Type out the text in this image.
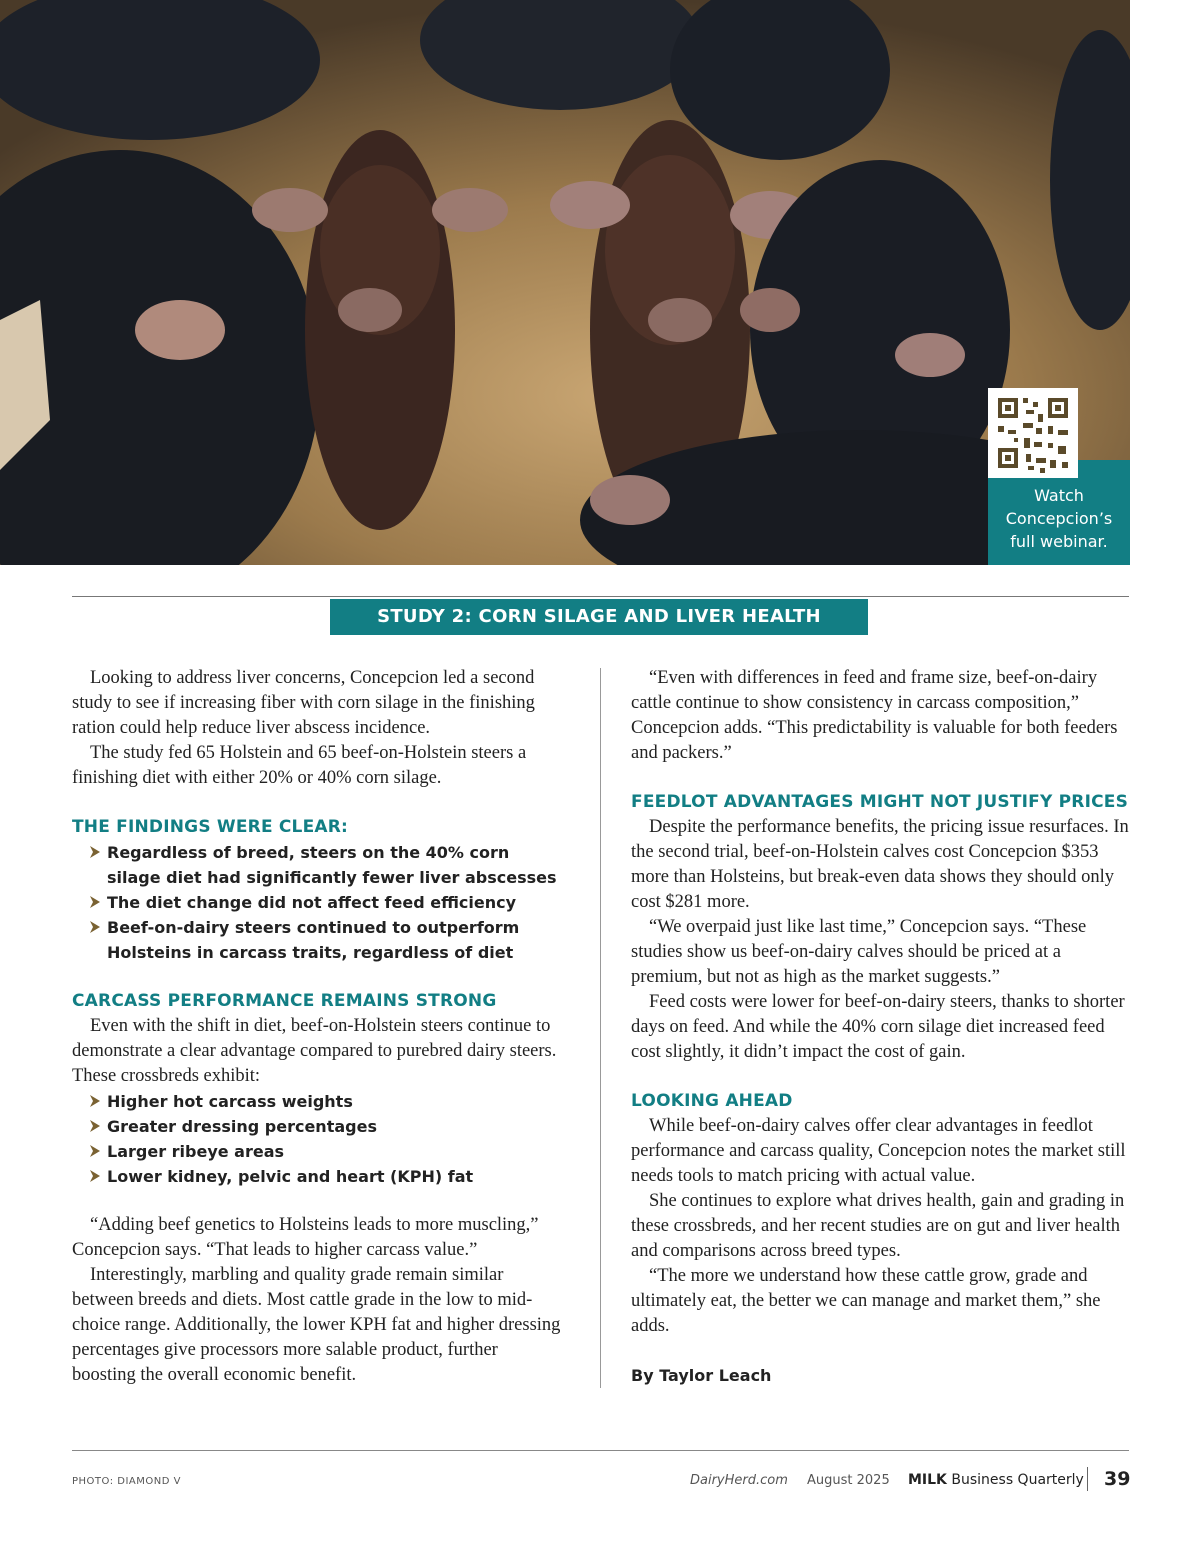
Watch
Concepcion’s
full webinar.
STUDY 2: CORN SILAGE AND LIVER HEALTH

Looking to address liver concerns, Concepcion led a second study to see if increasing fiber with corn silage in the finishing ration could help reduce liver abscess incidence.

The study fed 65 Holstein and 65 beef-on-Holstein steers a finishing diet with either 20% or 40% corn silage.

THE FINDINGS WERE CLEAR:
Regardless of breed, steers on the 40% corn silage diet had significantly fewer liver abscesses
The diet change did not affect feed efficiency
Beef-on-dairy steers continued to outperform Holsteins in carcass traits, regardless of diet
CARCASS PERFORMANCE REMAINS STRONG

Even with the shift in diet, beef-on-Holstein steers continue to demonstrate a clear advantage compared to purebred dairy steers. These crossbreds exhibit:

Higher hot carcass weights
Greater dressing percentages
Larger ribeye areas
Lower kidney, pelvic and heart (KPH) fat

“Adding beef genetics to Holsteins leads to more muscling,” Concepcion says. “That leads to higher carcass value.”

Interestingly, marbling and quality grade remain similar between breeds and diets. Most cattle grade in the low to mid-choice range. Additionally, the lower KPH fat and higher dressing percentages give processors more salable product, further boosting the overall economic benefit.

“Even with differences in feed and frame size, beef-on-dairy cattle continue to show consistency in carcass composition,” Concepcion adds. “This predictability is valuable for both feeders and packers.”

FEEDLOT ADVANTAGES MIGHT NOT JUSTIFY PRICES

Despite the performance benefits, the pricing issue resurfaces. In the second trial, beef-on-Holstein calves cost Concepcion $353 more than Holsteins, but break-even data shows they should only cost $281 more.

“We overpaid just like last time,” Concepcion says. “These studies show us beef-on-dairy calves should be priced at a premium, but not as high as the market suggests.”

Feed costs were lower for beef-on-dairy steers, thanks to shorter days on feed. And while the 40% corn silage diet increased feed cost slightly, it didn’t impact the cost of gain.

LOOKING AHEAD

While beef-on-dairy calves offer clear advantages in feedlot performance and carcass quality, Concepcion notes the market still needs tools to match pricing with actual value.

She continues to explore what drives health, gain and grading in these crossbreds, and her recent studies are on gut and liver health and comparisons across breed types.

“The more we understand how these cattle grow, grade and ultimately eat, the better we can manage and market them,” she adds.

By Taylor Leach
PHOTO: DIAMOND V	DairyHerd.com August 2025 MILK Business Quarterly 39
